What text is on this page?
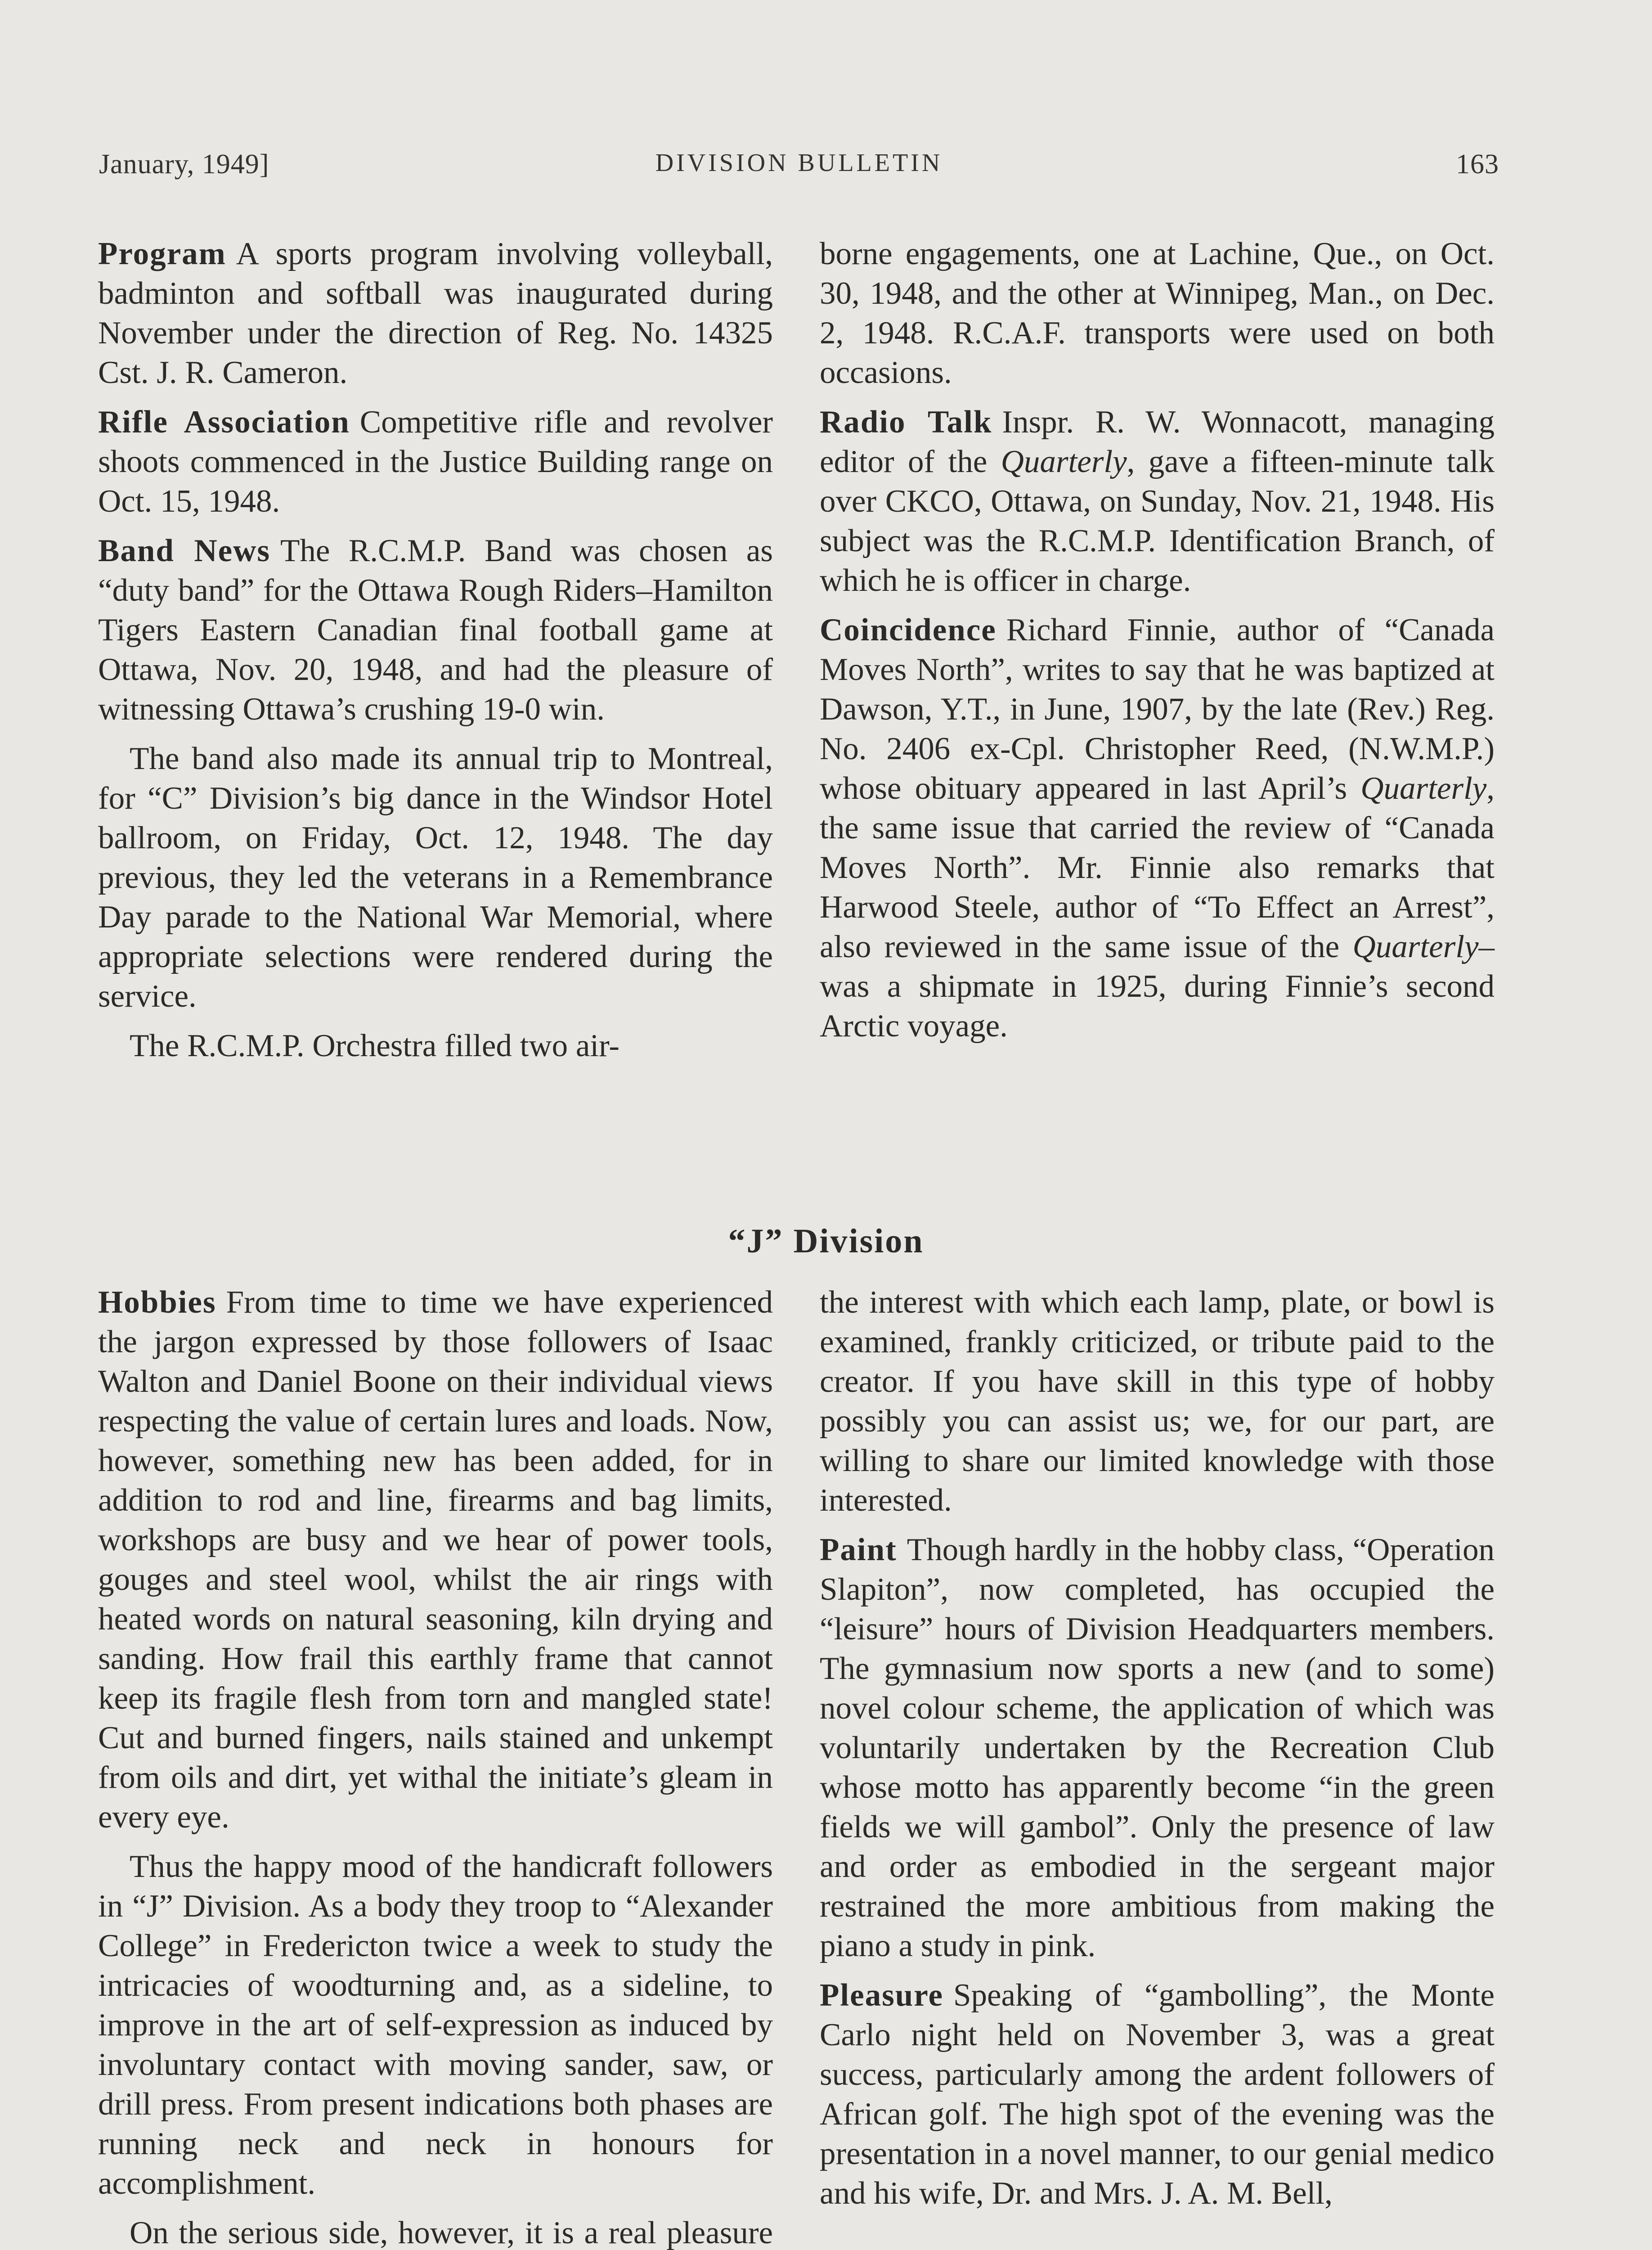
January, 1949]	DIVISION BULLETIN	163

Program A sports program involving volleyball, badminton and softball was inaugurated during November under the direction of Reg. No. 14325 Cst. J. R. Cameron.

Rifle Association Competitive rifle and revolver shoots commenced in the Justice Building range on Oct. 15, 1948.

Band News The R.C.M.P. Band was chosen as “duty band” for the Ottawa Rough Riders–Hamilton Tigers Eastern Canadian final football game at Ottawa, Nov. 20, 1948, and had the pleasure of witnessing Ottawa’s crushing 19-0 win.

The band also made its annual trip to Montreal, for “C” Division’s big dance in the Windsor Hotel ballroom, on Friday, Oct. 12, 1948. The day previous, they led the veterans in a Remembrance Day parade to the National War Memorial, where appropriate selections were rendered during the service.

The R.C.M.P. Orchestra filled two air-

borne engagements, one at Lachine, Que., on Oct. 30, 1948, and the other at Winnipeg, Man., on Dec. 2, 1948. R.C.A.F. transports were used on both occasions.

Radio Talk Inspr. R. W. Wonnacott, managing editor of the Quarterly, gave a fifteen-minute talk over CKCO, Ottawa, on Sunday, Nov. 21, 1948. His subject was the R.C.M.P. Identification Branch, of which he is officer in charge.

Coincidence Richard Finnie, author of “Canada Moves North”, writes to say that he was baptized at Dawson, Y.T., in June, 1907, by the late (Rev.) Reg. No. 2406 ex-Cpl. Christopher Reed, (N.W.M.P.) whose obituary appeared in last April’s Quarterly, the same issue that carried the review of “Canada Moves North”. Mr. Finnie also remarks that Harwood Steele, author of “To Effect an Arrest”, also reviewed in the same issue of the Quarterly–was a shipmate in 1925, during Finnie’s second Arctic voyage.

“J” Division

Hobbies From time to time we have experienced the jargon expressed by those followers of Isaac Walton and Daniel Boone on their individual views respecting the value of certain lures and loads. Now, however, something new has been added, for in addition to rod and line, firearms and bag limits, workshops are busy and we hear of power tools, gouges and steel wool, whilst the air rings with heated words on natural seasoning, kiln drying and sanding. How frail this earthly frame that cannot keep its fragile flesh from torn and mangled state! Cut and burned fingers, nails stained and unkempt from oils and dirt, yet withal the initiate’s gleam in every eye.

Thus the happy mood of the handicraft followers in “J” Division. As a body they troop to “Alexander College” in Fredericton twice a week to study the intricacies of woodturning and, as a sideline, to improve in the art of self-expression as induced by involuntary contact with moving sander, saw, or drill press. From present indications both phases are running neck and neck in honours for accomplishment.

On the serious side, however, it is a real pleasure

the interest with which each lamp, plate, or bowl is examined, frankly criticized, or tribute paid to the creator. If you have skill in this type of hobby possibly you can assist us; we, for our part, are willing to share our limited knowledge with those interested.

Paint Though hardly in the hobby class, “Operation Slapiton”, now completed, has occupied the “leisure” hours of Division Headquarters members. The gymnasium now sports a new (and to some) novel colour scheme, the application of which was voluntarily undertaken by the Recreation Club whose motto has apparently become “in the green fields we will gambol”. Only the presence of law and order as embodied in the sergeant major restrained the more ambitious from making the piano a study in pink.

Pleasure Speaking of “gambolling”, the Monte Carlo night held on November 3, was a great success, particularly among the ardent followers of African golf. The high spot of the evening was the presentation in a novel manner, to our genial medico and his wife, Dr. and Mrs. J. A. M. Bell,
